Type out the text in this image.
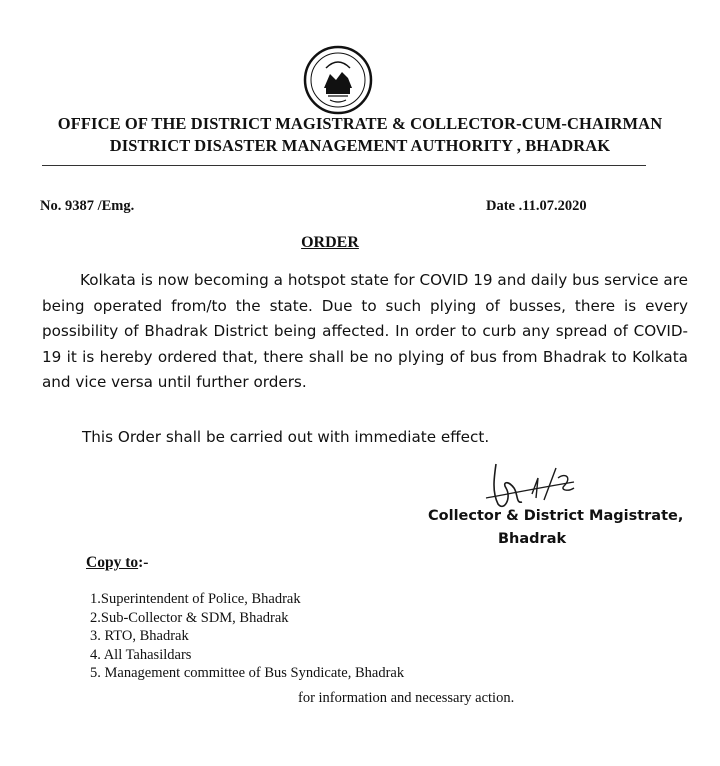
OFFICE OF THE DISTRICT MAGISTRATE & COLLECTOR-CUM-CHAIRMAN
DISTRICT DISASTER MANAGEMENT AUTHORITY , BHADRAK
No. 9387 /Emg.	Date .11.07.2020
ORDER
Kolkata is now becoming a hotspot state for COVID 19 and daily bus service are being operated from/to the state. Due to such plying of busses, there is every possibility of Bhadrak District being affected. In order to curb any spread of COVID-19 it is hereby ordered that, there shall be no plying of bus from Bhadrak to Kolkata and vice versa until further orders.
This Order shall be carried out with immediate effect.
Collector & District Magistrate,
Bhadrak
Copy to:-
1.Superintendent of Police, Bhadrak
2.Sub-Collector & SDM, Bhadrak
3. RTO, Bhadrak
4. All Tahasildars
5. Management committee of Bus Syndicate, Bhadrak
for information and necessary action.
